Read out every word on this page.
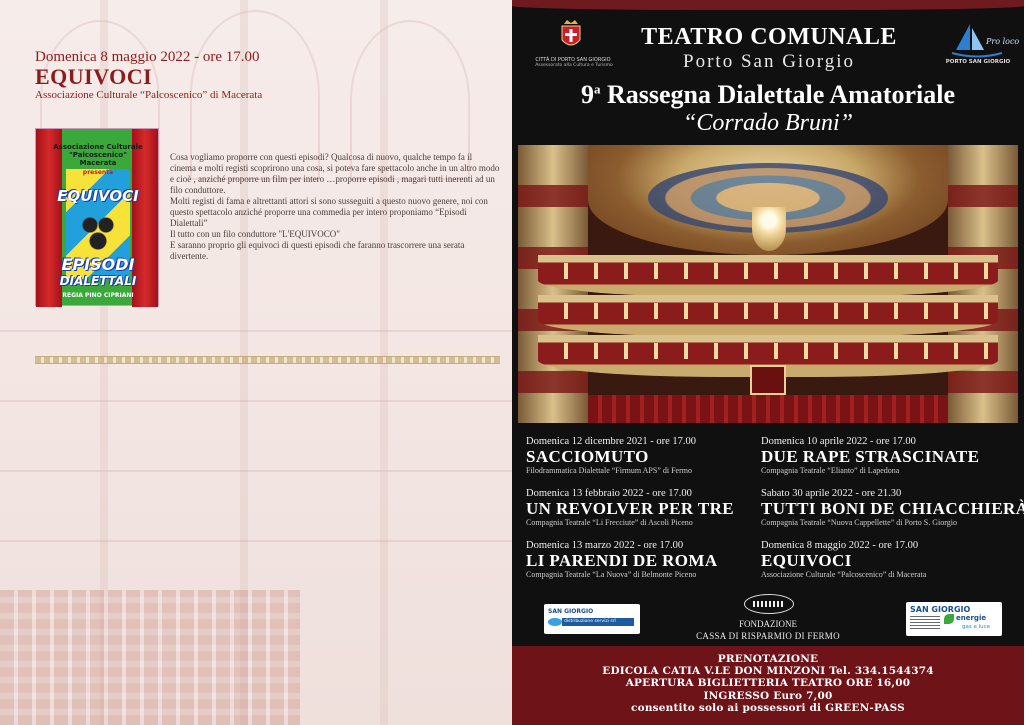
Domenica 8 maggio 2022 - ore 17.00
EQUIVOCI
Associazione Culturale “Palcoscenico” di Macerata
Associazione Culturale
"Palcoscenico"
Macerata
presenta
EQUIVOCI
EPISODI
DIALETTALI
REGIA PINO CIPRIANI

Cosa vogliamo proporre con questi episodi? Qualcosa di nuovo, qualche tempo fa il cinema e molti registi scoprirono una cosa, si poteva fare spettacolo anche in un altro modo e cioè , anziché proporre un film per intero …proporre episodi , magari tutti inerenti ad un filo conduttore.

Molti registi di fama e altrettanti attori si sono susseguiti a questo nuovo genere, noi con questo spettacolo anziché proporre una commedia per intero proponiamo “Episodi Dialettali”

Il tutto con un filo conduttore "L'EQUIVOCO"

E saranno proprio gli equivoci di questi episodi che faranno trascorrere una serata divertente.

CITTÀ DI PORTO SAN GIORGIO
Assessorato alla Cultura e Turismo
TEATRO COMUNALE
Porto San Giorgio
Pro loco
PORTO SAN GIORGIO
9$^a$ Rassegna Dialettale Amatoriale
“Corrado Bruni”
Domenica 12 dicembre 2021 - ore 17.00
SACCIOMUTO
Filodrammatica Dialettale “Firmum APS” di Fermo
Domenica 10 aprile 2022 - ore 17.00
DUE RAPE STRASCINATE
Compagnia Teatrale “Elianto” di Lapedona
Domenica 13 febbraio 2022 - ore 17.00
UN REVOLVER PER TRE
Compagnia Teatrale “Li Frecciute” di Ascoli Piceno
Sabato 30 aprile 2022 - ore 21.30
TUTTI BONI DE CHIACCHIERÀ
Compagnia Teatrale “Nuova Cappellette” di Porto S. Giorgio
Domenica 13 marzo 2022 - ore 17.00
LI PARENDI DE ROMA
Compagnia Teatrale “La Nuova” di Belmonte Piceno
Domenica 8 maggio 2022 - ore 17.00
EQUIVOCI
Associazione Culturale “Palcoscenico” di Macerata
SAN GIORGIO
distribuzione servizi srl	FONDAZIONE
CASSA DI RISPARMIO DI FERMO
SAN GIORGIO
energie
gas e luce
PRENOTAZIONE
EDICOLA CATIA V.LE DON MINZONI Tel. 334.1544374
APERTURA BIGLIETTERIA TEATRO ORE 16,00
INGRESSO Euro 7,00
consentito solo ai possessori di GREEN-PASS
